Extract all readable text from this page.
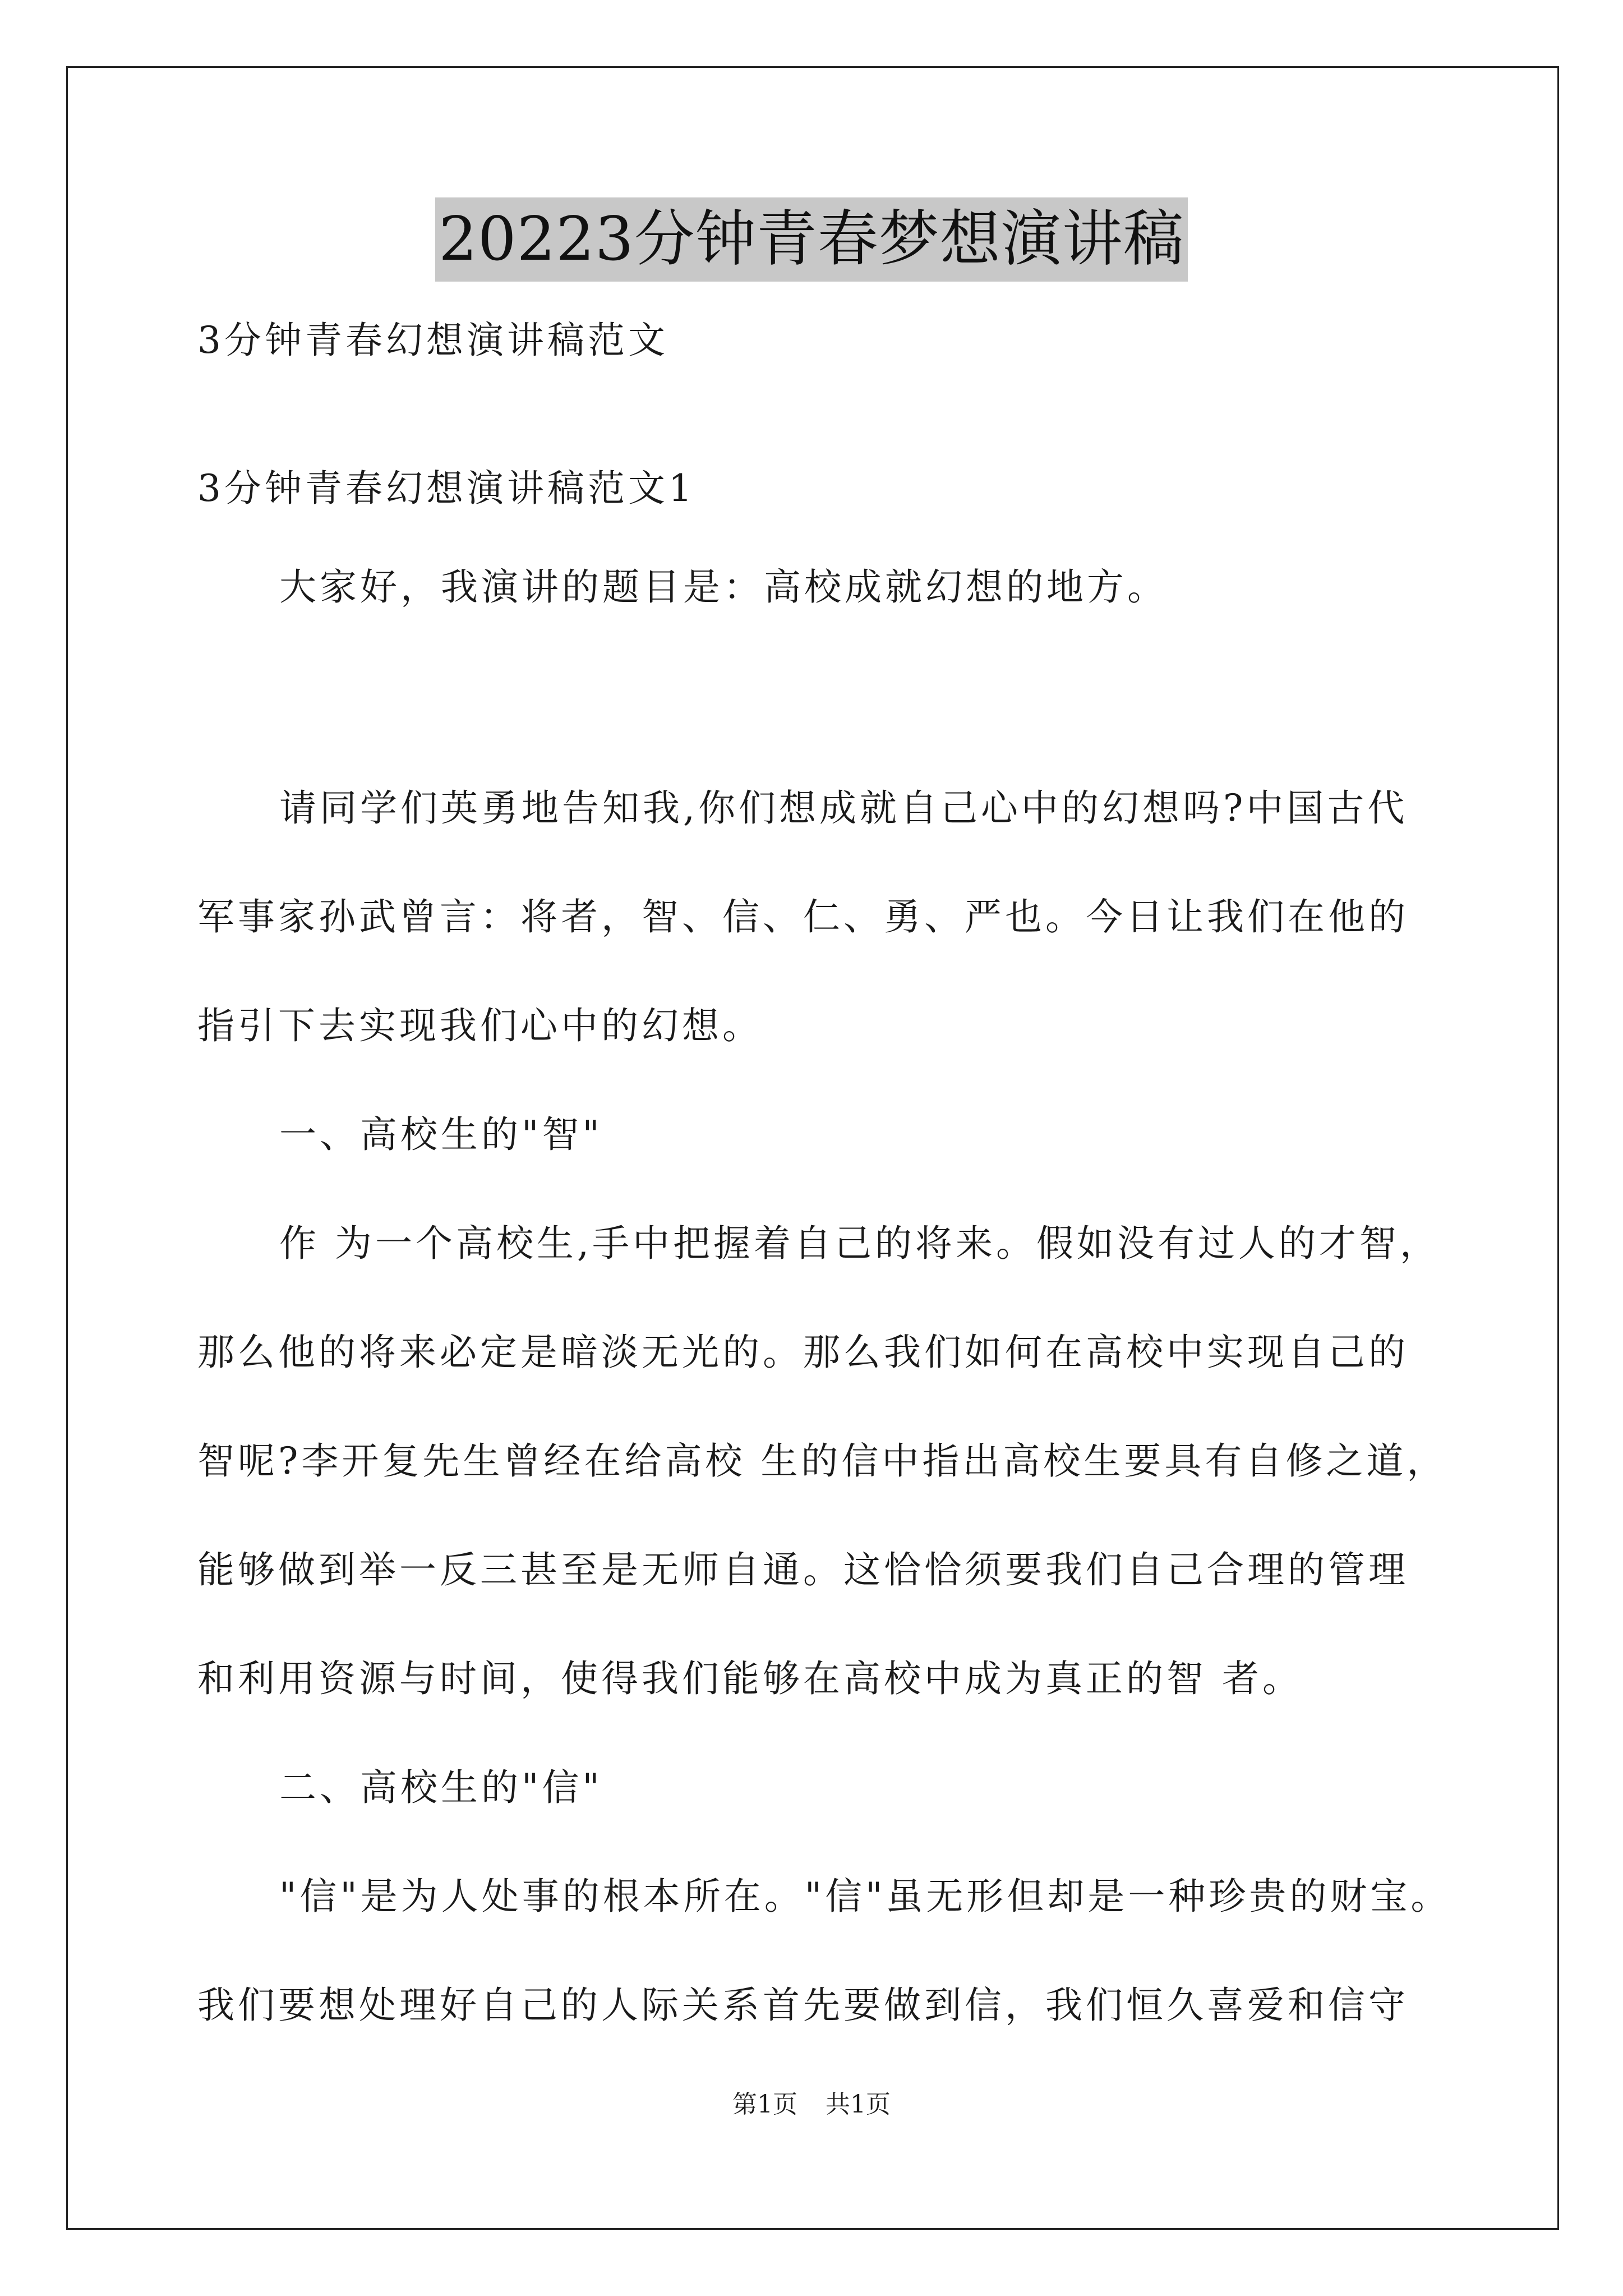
20223分钟青春梦想演讲稿
3分钟青春幻想演讲稿范文
3分钟青春幻想演讲稿范文1
大家好，我演讲的题目是：高校成就幻想的地方。
请同学们英勇地告知我,你们想成就自己心中的幻想吗?中国古代
军事家孙武曾言：将者，智、信、仁、勇、严也。今日让我们在他的
指引下去实现我们心中的幻想。
一、高校生的"智"
作 为一个高校生,手中把握着自己的将来。假如没有过人的才智，
那么他的将来必定是暗淡无光的。那么我们如何在高校中实现自己的
智呢?李开复先生曾经在给高校 生的信中指出高校生要具有自修之道，
能够做到举一反三甚至是无师自通。这恰恰须要我们自己合理的管理
和利用资源与时间，使得我们能够在高校中成为真正的智 者。
二、高校生的"信"
"信"是为人处事的根本所在。"信"虽无形但却是一种珍贵的财宝。
我们要想处理好自己的人际关系首先要做到信，我们恒久喜爱和信守
第1页 共1页
